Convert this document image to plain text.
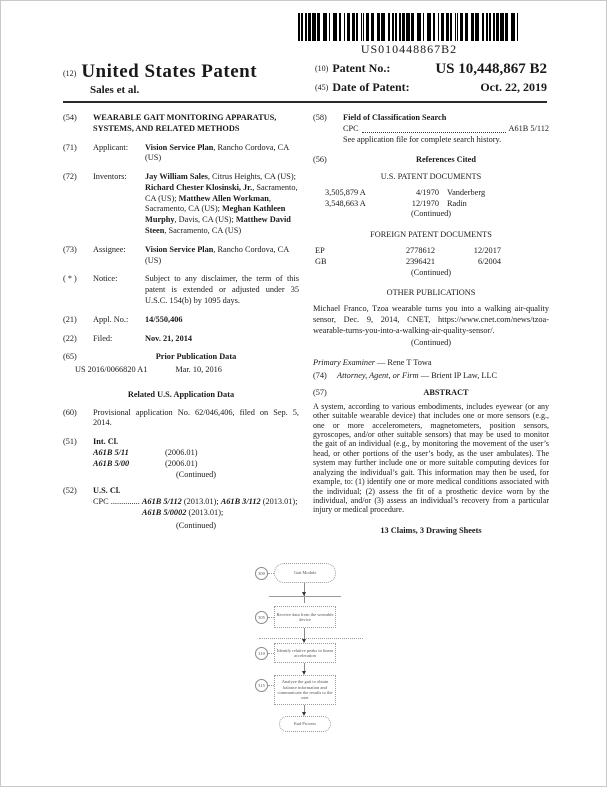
US010448867B2
(12) United States Patent
Sales et al.
(10) Patent No.:	US 10,448,867 B2
(45) Date of Patent:	Oct. 22, 2019
(54)	WEARABLE GAIT MONITORING APPARATUS, SYSTEMS, AND RELATED METHODS
(71)	Applicant:	Vision Service Plan, Rancho Cordova, CA (US)
(72)	Inventors:	Jay William Sales, Citrus Heights, CA (US); Richard Chester Klosinski, Jr., Sacramento, CA (US); Matthew Allen Workman, Sacramento, CA (US); Meghan Kathleen Murphy, Davis, CA (US); Matthew David Steen, Sacramento, CA (US)
(73)	Assignee:	Vision Service Plan, Rancho Cordova, CA (US)
( * )	Notice:	Subject to any disclaimer, the term of this patent is extended or adjusted under 35 U.S.C. 154(b) by 1095 days.
(21)	Appl. No.:	14/550,406
(22)	Filed:	Nov. 21, 2014
(65)	Prior Publication Data
US 2016/0066820 A1	Mar. 10, 2016
Related U.S. Application Data
(60)	Provisional application No. 62/046,406, filed on Sep. 5, 2014.
(51)	Int. Cl.
A61B 5/11	(2006.01)
A61B 5/00	(2006.01)
(Continued)
(52)	U.S. Cl.
CPC .............. A61B 5/112 (2013.01); A61B 3/112 (2013.01); A61B 5/0002 (2013.01);
(Continued)
(58)	Field of Classification Search
CPC	A61B 5/112
See application file for complete search history.
(56)	References Cited
U.S. PATENT DOCUMENTS
3,505,879 A	4/1970 Vanderberg
3,548,663 A	12/1970 Radin
(Continued)
FOREIGN PATENT DOCUMENTS
EP	2778612	12/2017
GB	2396421	6/2004
(Continued)
OTHER PUBLICATIONS
Michael Franco, Tzoa wearable turns you into a walking air-quality sensor, Dec. 9, 2014, CNET, https://www.cnet.com/news/tzoa-wearable-turns-you-into-a-walking-air-quality-sensor/.
(Continued)
Primary Examiner — Rene T Towa
(74)	Attorney, Agent, or Firm — Brient IP Law, LLC
(57)	ABSTRACT
A system, according to various embodiments, includes eyewear (or any other suitable wearable device) that includes one or more sensors (e.g., one or more accelerometers, magnetometers, position sensors, gyroscopes, and/or other suitable sensors) that may be used to monitor the gait of an individual (e.g., by monitoring the movement of the user’s head, or other portions of the user’s body, as the user ambulates). The system may further include one or more suitable computing devices for analyzing the individual’s gait. This information may then be used, for example, to: (1) identify one or more medical conditions associated with the individual; (2) assess the fit of a prosthetic device worn by the individual, and/or (3) assess an individual’s recovery from a particular injury or medical procedure.
13 Claims, 3 Drawing Sheets
300	Gait Module
305
Receive data from the wearable device
310
Identify relative peaks in linear acceleration
315
Analyze the gait to obtain balance information and communicate the results to the user
End Process
